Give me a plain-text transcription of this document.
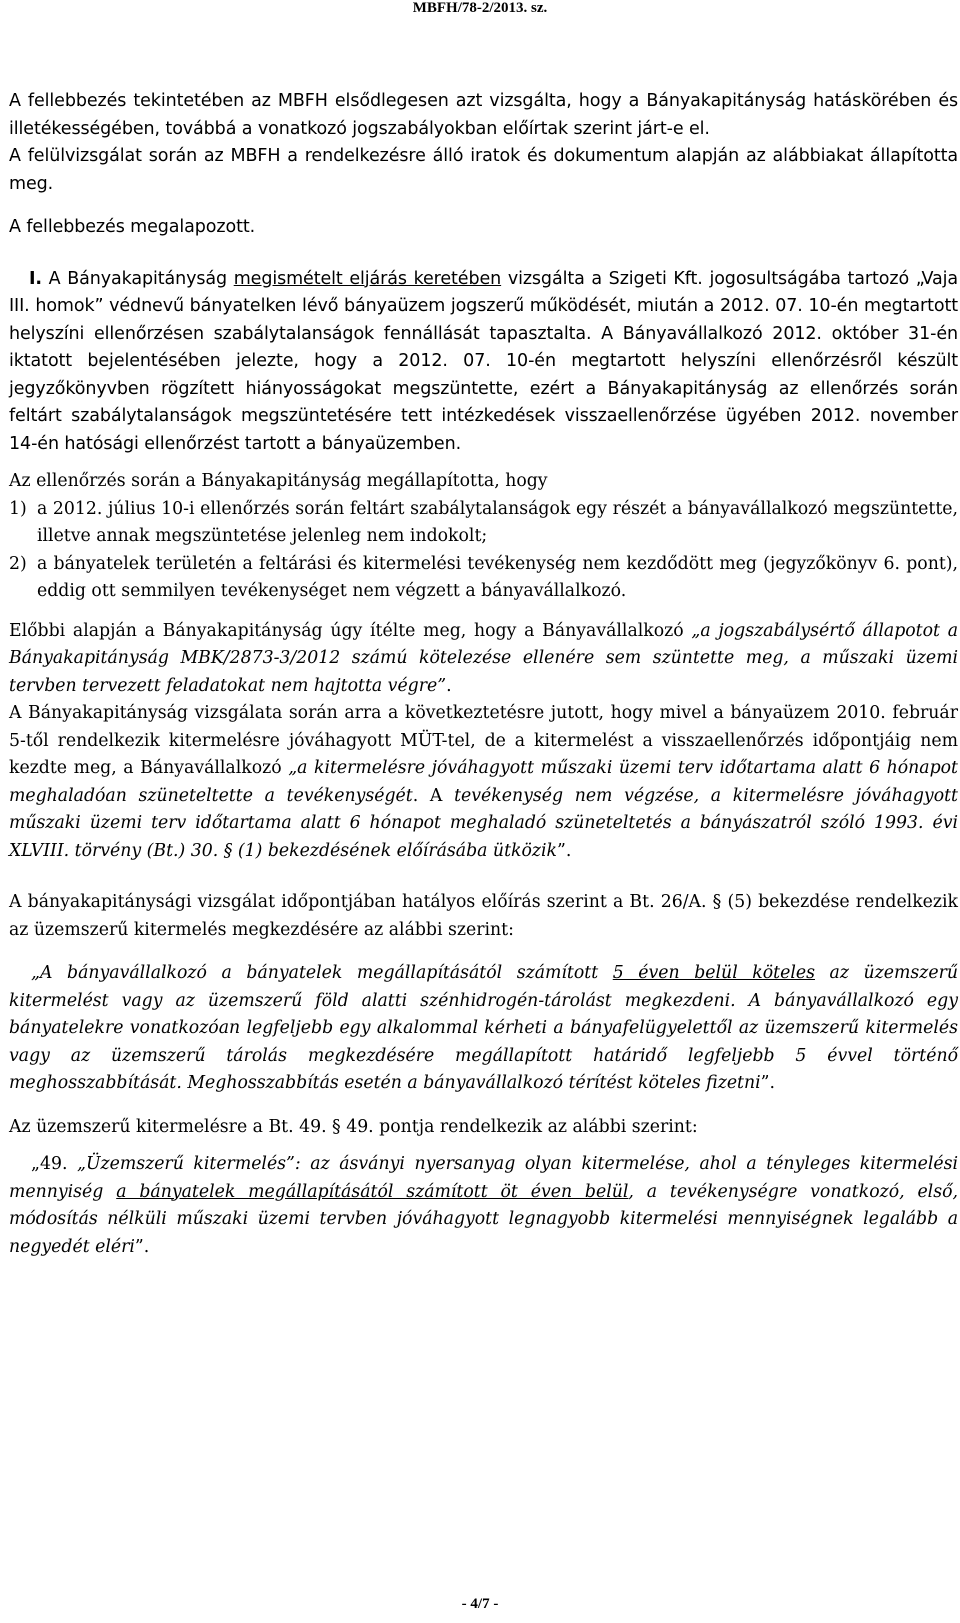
MBFH/78-2/2013. sz.

A fellebbezés tekintetében az MBFH elsődlegesen azt vizsgálta, hogy a Bányakapitányság hatáskörében és illetékességében, továbbá a vonatkozó jogszabályokban előírtak szerint járt-e el.

A felülvizsgálat során az MBFH a rendelkezésre álló iratok és dokumentum alapján az alábbiakat állapította meg.

A fellebbezés megalapozott.

I. A Bányakapitányság megismételt eljárás keretében vizsgálta a Szigeti Kft. jogosultságába tartozó „Vaja III. homok” védnevű bányatelken lévő bányaüzem jogszerű működését, miután a 2012. 07. 10-én megtartott helyszíni ellenőrzésen szabálytalanságok fennállását tapasztalta. A Bányavállalkozó 2012. október 31-én iktatott bejelentésében jelezte, hogy a 2012. 07. 10-én megtartott helyszíni ellenőrzésről készült jegyzőkönyvben rögzített hiányosságokat megszüntette, ezért a Bányakapitányság az ellenőrzés során feltárt szabálytalanságok megszüntetésére tett intézkedések visszaellenőrzése ügyében 2012. november 14-én hatósági ellenőrzést tartott a bányaüzemben.

Az ellenőrzés során a Bányakapitányság megállapította, hogy

1) a 2012. július 10-i ellenőrzés során feltárt szabálytalanságok egy részét a bányavállalkozó megszüntette, illetve annak megszüntetése jelenleg nem indokolt;
2) a bányatelek területén a feltárási és kitermelési tevékenység nem kezdődött meg (jegyzőkönyv 6. pont), eddig ott semmilyen tevékenységet nem végzett a bányavállalkozó.

Előbbi alapján a Bányakapitányság úgy ítélte meg, hogy a Bányavállalkozó „a jogszabálysértő állapotot a Bányakapitányság MBK/2873-3/2012 számú kötelezése ellenére sem szüntette meg, a műszaki üzemi tervben tervezett feladatokat nem hajtotta végre”.

A Bányakapitányság vizsgálata során arra a következtetésre jutott, hogy mivel a bányaüzem 2010. február 5-től rendelkezik kitermelésre jóváhagyott MÜT-tel, de a kitermelést a visszaellenőrzés időpontjáig nem kezdte meg, a Bányavállalkozó „a kitermelésre jóváhagyott műszaki üzemi terv időtartama alatt 6 hónapot meghaladóan szüneteltette a tevékenységét. A tevékenység nem végzése, a kitermelésre jóváhagyott műszaki üzemi terv időtartama alatt 6 hónapot meghaladó szüneteltetés a bányászatról szóló 1993. évi XLVIII. törvény (Bt.) 30. § (1) bekezdésének előírásába ütközik”.

A bányakapitánysági vizsgálat időpontjában hatályos előírás szerint a Bt. 26/A. § (5) bekezdése rendelkezik az üzemszerű kitermelés megkezdésére az alábbi szerint:

„A bányavállalkozó a bányatelek megállapításától számított 5 éven belül köteles az üzemszerű kitermelést vagy az üzemszerű föld alatti szénhidrogén-tárolást megkezdeni. A bányavállalkozó egy bányatelekre vonatkozóan legfeljebb egy alkalommal kérheti a bányafelügyelettől az üzemszerű kitermelés vagy az üzemszerű tárolás megkezdésére megállapított határidő legfeljebb 5 évvel történő meghosszabbítását. Meghosszabbítás esetén a bányavállalkozó térítést köteles fizetni”.

Az üzemszerű kitermelésre a Bt. 49. § 49. pontja rendelkezik az alábbi szerint:

„49. „Üzemszerű kitermelés”: az ásványi nyersanyag olyan kitermelése, ahol a tényleges kitermelési mennyiség a bányatelek megállapításától számított öt éven belül, a tevékenységre vonatkozó, első, módosítás nélküli műszaki üzemi tervben jóváhagyott legnagyobb kitermelési mennyiségnek legalább a negyedét eléri”.

- 4/7 -
